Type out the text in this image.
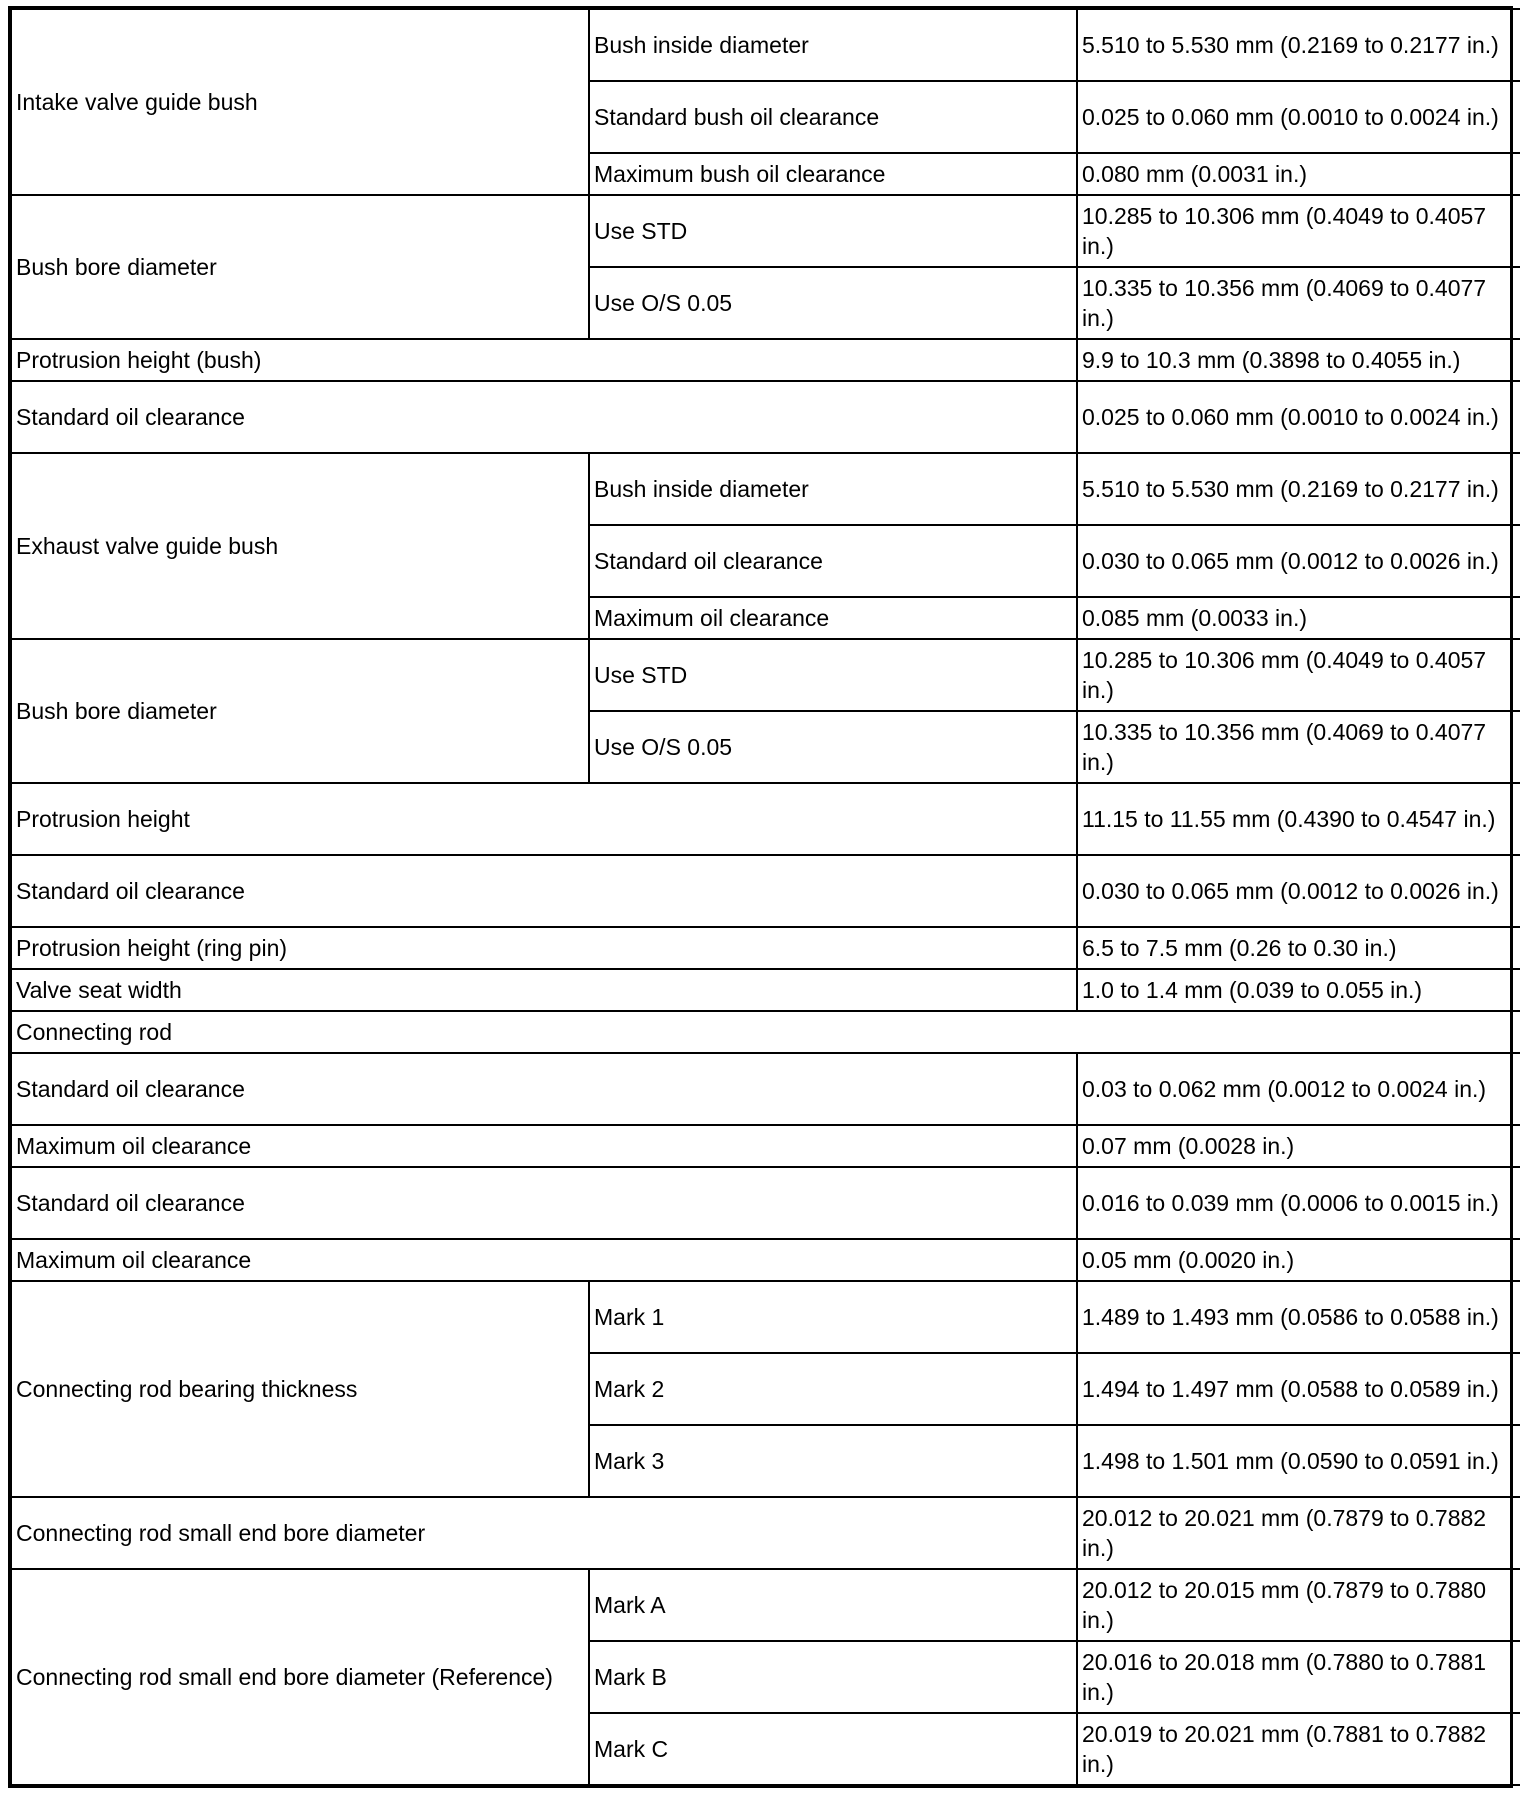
Intake valve guide bush	Bush inside diameter	5.510 to 5.530 mm (0.2169 to 0.2177 in.)
	Standard bush oil clearance	0.025 to 0.060 mm (0.0010 to 0.0024 in.)
	Maximum bush oil clearance	0.080 mm (0.0031 in.)
Bush bore diameter	Use STD	10.285 to 10.306 mm (0.4049 to 0.4057 in.)
	Use O/S 0.05	10.335 to 10.356 mm (0.4069 to 0.4077 in.)
Protrusion height (bush)		9.9 to 10.3 mm (0.3898 to 0.4055 in.)
Standard oil clearance		0.025 to 0.060 mm (0.0010 to 0.0024 in.)
Exhaust valve guide bush	Bush inside diameter	5.510 to 5.530 mm (0.2169 to 0.2177 in.)
	Standard oil clearance	0.030 to 0.065 mm (0.0012 to 0.0026 in.)
	Maximum oil clearance	0.085 mm (0.0033 in.)
Bush bore diameter	Use STD	10.285 to 10.306 mm (0.4049 to 0.4057 in.)
	Use O/S 0.05	10.335 to 10.356 mm (0.4069 to 0.4077 in.)
Protrusion height		11.15 to 11.55 mm (0.4390 to 0.4547 in.)
Standard oil clearance		0.030 to 0.065 mm (0.0012 to 0.0026 in.)
Protrusion height (ring pin)		6.5 to 7.5 mm (0.26 to 0.30 in.)
Valve seat width		1.0 to 1.4 mm (0.039 to 0.055 in.)
Connecting rod		
Standard oil clearance		0.03 to 0.062 mm (0.0012 to 0.0024 in.)
Maximum oil clearance		0.07 mm (0.0028 in.)
Standard oil clearance		0.016 to 0.039 mm (0.0006 to 0.0015 in.)
Maximum oil clearance		0.05 mm (0.0020 in.)
Connecting rod bearing thickness	Mark 1	1.489 to 1.493 mm (0.0586 to 0.0588 in.)
	Mark 2	1.494 to 1.497 mm (0.0588 to 0.0589 in.)
	Mark 3	1.498 to 1.501 mm (0.0590 to 0.0591 in.)
Connecting rod small end bore diameter		20.012 to 20.021 mm (0.7879 to 0.7882 in.)
Connecting rod small end bore diameter (Reference)	Mark A	20.012 to 20.015 mm (0.7879 to 0.7880 in.)
	Mark B	20.016 to 20.018 mm (0.7880 to 0.7881 in.)
	Mark C	20.019 to 20.021 mm (0.7881 to 0.7882 in.)
